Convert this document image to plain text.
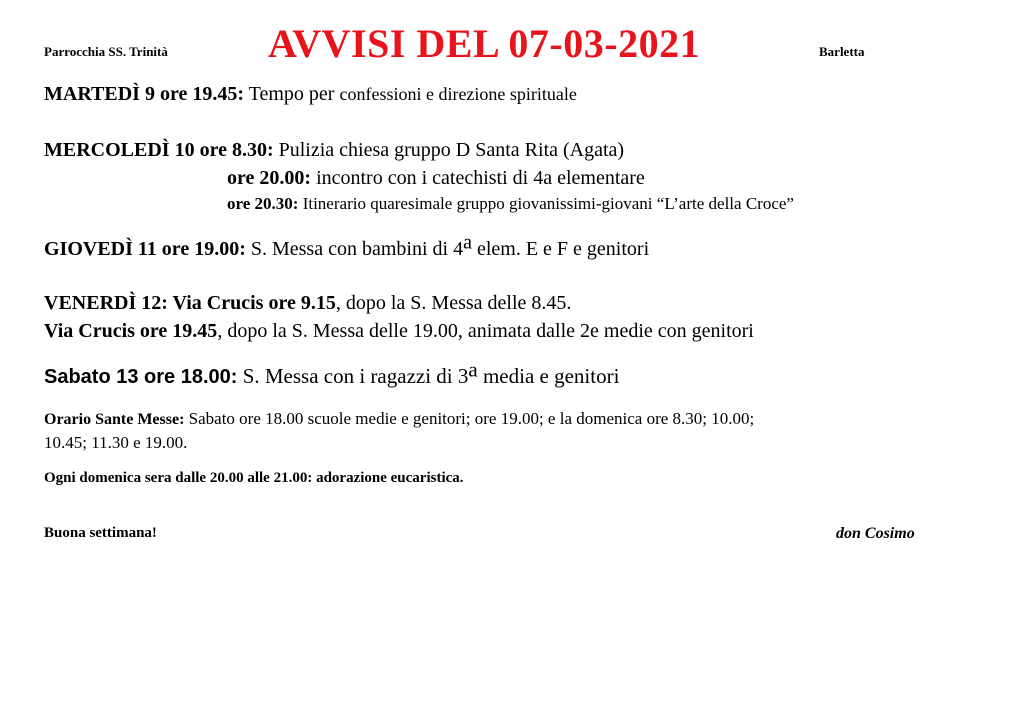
Parrocchia SS. Trinità	AVVISI DEL 07-03-2021	Barletta
MARTEDÌ 9 ore 19.45: Tempo per confessioni e direzione spirituale
MERCOLEDÌ 10 ore 8.30: Pulizia chiesa gruppo D Santa Rita (Agata)
ore 20.00: incontro con i catechisti di 4a elementare
ore 20.30: Itinerario quaresimale gruppo giovanissimi-giovani “L’arte della Croce”
GIOVEDÌ 11 ore 19.00: S. Messa con bambini di 4$^a$ elem. E e F e genitori
VENERDÌ 12: Via Crucis ore 9.15, dopo la S. Messa delle 8.45.
Via Crucis ore 19.45, dopo la S. Messa delle 19.00, animata dalle 2e medie con genitori
Sabato 13 ore 18.00: S. Messa con i ragazzi di 3$^a$ media e genitori
Orario Sante Messe: Sabato ore 18.00 scuole medie e genitori; ore 19.00; e la domenica ore 8.30; 10.00;
10.45; 11.30 e 19.00.
Ogni domenica sera dalle 20.00 alle 21.00: adorazione eucaristica.
Buona settimana!	don Cosimo
